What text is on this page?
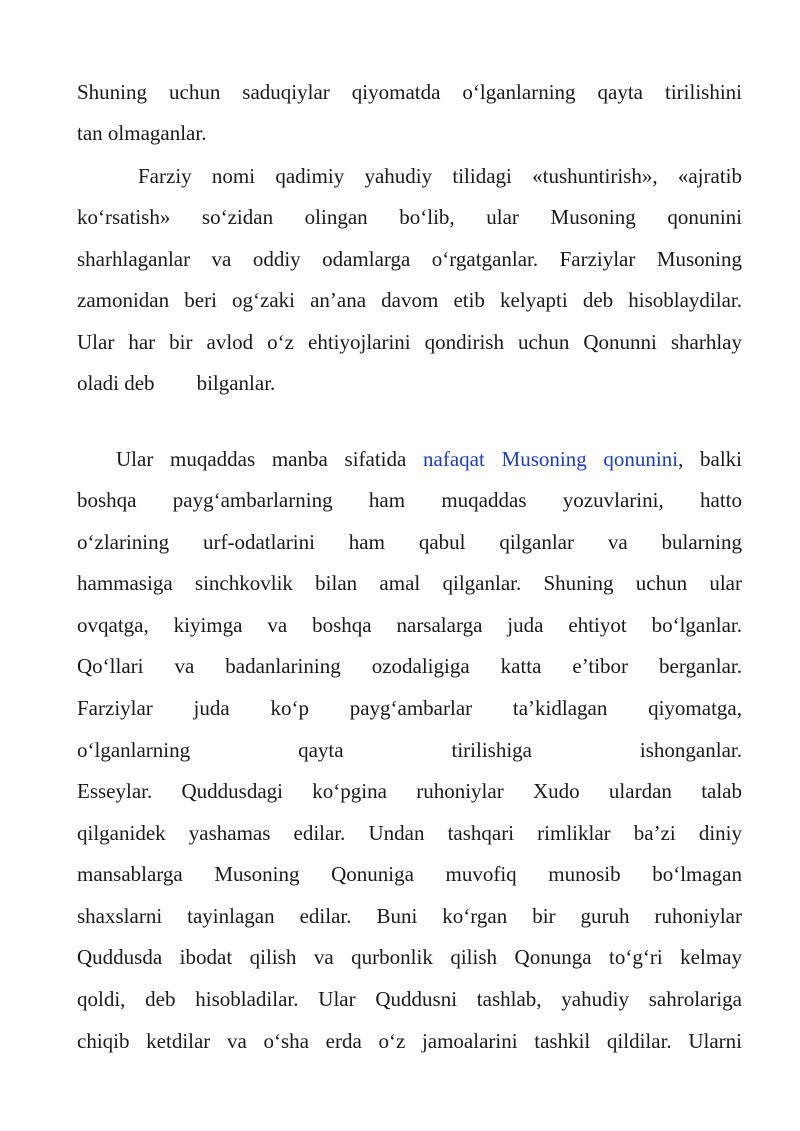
Shuning uchun saduqiylar qiyomatda o‘lganlarning qayta tirilishini
tan olmaganlar.
Farziy nomi qadimiy yahudiy tilidagi «tushuntirish», «ajratib
ko‘rsatish» so‘zidan olingan bo‘lib, ular Musoning qonunini
sharhlaganlar va oddiy odamlarga o‘rgatganlar. Farziylar Musoning
zamonidan beri og‘zaki an’ana davom etib kelyapti deb hisoblaydilar.
Ular har bir avlod o‘z ehtiyojlarini qondirish uchun Qonunni sharhlay
oladi deb bilganlar.
Ular muqaddas manba sifatida nafaqat Musoning qonunini, balki
boshqa payg‘ambarlarning ham muqaddas yozuvlarini, hatto
o‘zlarining urf-odatlarini ham qabul qilganlar va bularning
hammasiga sinchkovlik bilan amal qilganlar. Shuning uchun ular
ovqatga, kiyimga va boshqa narsalarga juda ehtiyot bo‘lganlar.
Qo‘llari va badanlarining ozodaligiga katta e’tibor berganlar.
Farziylar juda ko‘p payg‘ambarlar ta’kidlagan qiyomatga,
o‘lganlarning qayta tirilishiga ishonganlar.
Esseylar. Quddusdagi ko‘pgina ruhoniylar Xudo ulardan talab
qilganidek yashamas edilar. Undan tashqari rimliklar ba’zi diniy
mansablarga Musoning Qonuniga muvofiq munosib bo‘lmagan
shaxslarni tayinlagan edilar. Buni ko‘rgan bir guruh ruhoniylar
Quddusda ibodat qilish va qurbonlik qilish Qonunga to‘g‘ri kelmay
qoldi, deb hisobladilar. Ular Quddusni tashlab, yahudiy sahrolariga
chiqib ketdilar va o‘sha erda o‘z jamoalarini tashkil qildilar. Ularni
